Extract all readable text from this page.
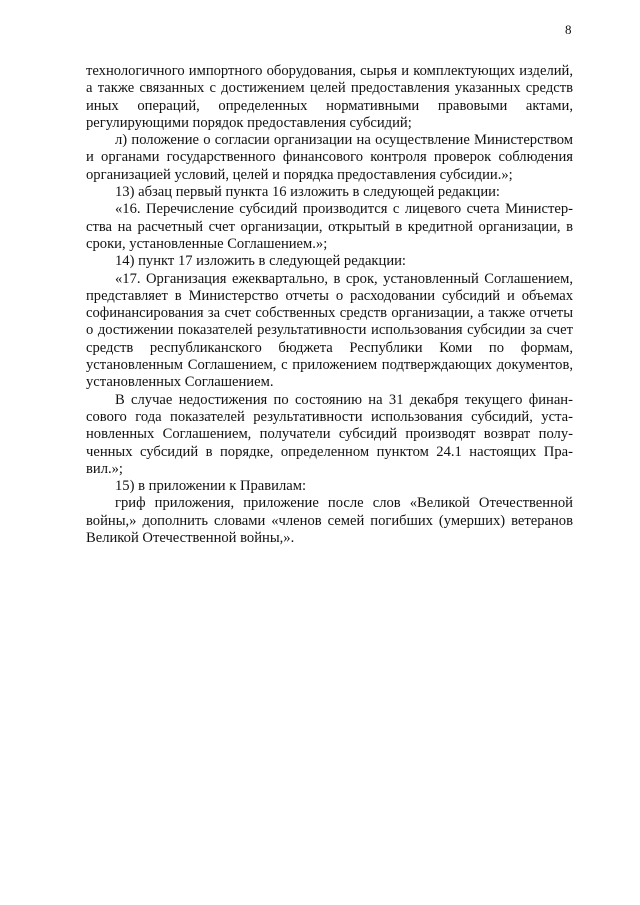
8

технологичного импортного оборудования, сырья и комплектующих изделий, а также связанных с достижением целей предоставления указанных средств иных операций, определенных нормативными правовыми актами, регулирующими порядок предоставления субсидий;

л) положение о согласии организации на осуществление Министерством и органами государственного финансового контроля проверок соблюдения организацией условий, целей и порядка предоставления субсидии.»;

13) абзац первый пункта 16 изложить в следующей редакции:

«16. Перечисление субсидий производится с лицевого счета Министерства на расчетный счет организации, открытый в кредитной организации, в сроки, установленные Соглашением.»;

14) пункт 17 изложить в следующей редакции:

«17. Организация ежеквартально, в срок, установленный Соглашением, представляет в Министерство отчеты о расходовании субсидий и объемах софинансирования за счет собственных средств организации, а также отчеты о достижении показателей результативности использования субсидии за счет средств республиканского бюджета Республики Коми по формам, установленным Соглашением, с приложением подтверждающих документов, установленных Соглашением.

В случае недостижения по состоянию на 31 декабря текущего финансового года показателей результативности использования субсидий, установленных Соглашением, получатели субсидий производят возврат полученных субсидий в порядке, определенном пунктом 24.1 настоящих Правил.»;

15) в приложении к Правилам:

гриф приложения, приложение после слов «Великой Отечественной войны,» дополнить словами «членов семей погибших (умерших) ветеранов Великой Отечественной войны,».
